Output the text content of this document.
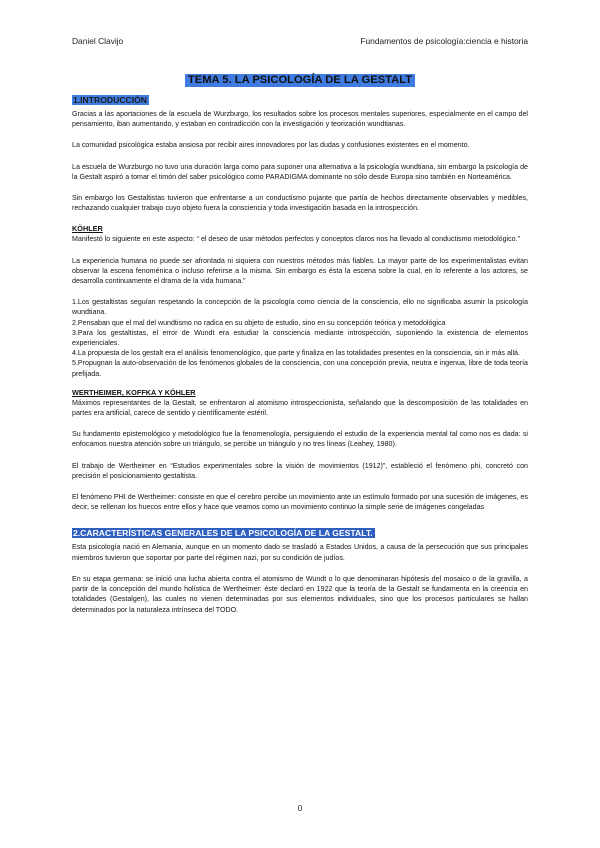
Daniel Clavijo	Fundamentos de psicología:ciencia e historia
TEMA 5. LA PSICOLOGÍA DE LA GESTALT
1.INTRODUCCIÓN

Gracias a las aportaciones de la escuela de Wurzburgo, los resultados sobre los procesos mentales superiores, especialmente en el campo del pensamiento, iban aumentando, y estaban en contradicción con la investigación y teorización wundtianas.

La comunidad psicológica estaba ansiosa por recibir aires innovadores por las dudas y confusiones existentes en el momento.

La escuela de Wurzburgo no tuvo una duración larga como para suponer una alternativa a la psicología wundtiana, sin embargo la psicología de la Gestalt aspiró a tomar el timón del saber psicológico como PARADIGMA dominante no sólo desde Europa sino también en Norteamérica.

Sin embargo los Gestaltistas tuvieron que enfrentarse a un conductismo pujante que partía de hechos directamente observables y medibles, rechazando cualquier trabajo cuyo objeto fuera la consciencia y toda investigación basada en la introspección.

KÖHLER

Manifestó lo siguiente en este aspecto: “ el deseo de usar métodos perfectos y conceptos claros nos ha llevado al conductismo metodológico.”

La experiencia humana no puede ser afrontada ni siquiera con nuestros métodos más fiables. La mayor parte de los experimentalistas evitan observar la escena fenoménica o incluso referirse a la misma. Sin embargo es ésta la escena sobre la cual, en lo referente a los actores, se desarrolla continuamente el drama de la vida humana.”

1.Los gestaltistas seguían respetando la concepción de la psicología como ciencia de la consciencia, ello no significaba asumir la psicología wundtiana.

2.Pensaban que el mal del wundtismo no radica en su objeto de estudio, sino en su concepción teórica y metodológica

3.Para los gestaltistas, el error de Wundt era estudiar la consciencia mediante introspección, suponiendo la existencia de elementos experienciales.

4.La propuesta de los gestalt era el análisis fenomenológico, que parte y finaliza en las totalidades presentes en la consciencia, sin ir más allá.

5.Propugnan la auto-observación de los fenómenos globales de la consciencia, con una concepción previa, neutra e ingenua, libre de toda teoría prefijada.

WERTHEIMER, KOFFKA Y KÖHLER

Máximos representantes de la Gestalt, se enfrentaron al atomismo introspeccionista, señalando que la descomposición de las totalidades en partes era artificial, carece de sentido y científicamente estéril.

Su fundamento epistemológico y metodológico fue la fenomenología, persiguiendo el estudio de la experiencia mental tal como nos es dada: si enfocamos nuestra atención sobre un triángulo, se percibe un triángulo y no tres líneas (Leahey, 1980).

El trabajo de Wertheimer en “Estudios experimentales sobre la visión de movimientos (1912)”, estableció el fenómeno phi, concretó con precisión el posicionamiento gestaltista.

El fenómeno PHI de Wertheimer: consiste en que el cerebro percibe un movimiento ante un estímulo formado por una sucesión de imágenes, es decir, se rellenan los huecos entre ellos y hace que veamos como un movimiento continuo la simple serie de imágenes congeladas

2.CARACTERÍSTICAS GENERALES DE LA PSICOLOGÍA DE LA GESTALT.

Esta psicología nació en Alemania, aunque en un momento dado se trasladó a Estados Unidos, a causa de la persecución que sus principales miembros tuvieron que soportar por parte del régimen nazi, por su condición de judíos.

En su etapa germana: se inició una lucha abierta contra el atomismo de Wundt o lo que denominaran hipótesis del mosaico o de la gravilla, a partir de la concepción del mundo holística de Wertheimer: éste declaró en 1922 que la teoría de la Gestalt se fundamenta en la creencia en totalidades (Gestalgen), las cuales no vienen determinadas por sus elementos individuales, sino que los procesos particulares se hallan determinados por la naturaleza intrínseca del TODO.

0
